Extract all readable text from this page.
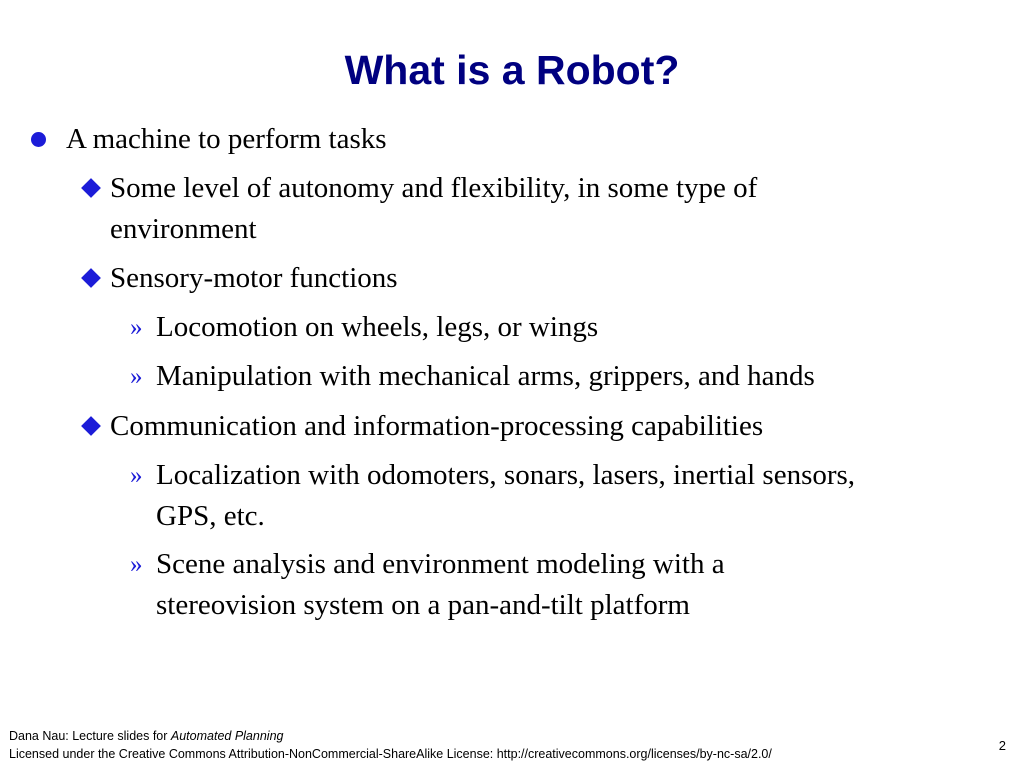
What is a Robot?
A machine to perform tasks
Some level of autonomy and flexibility, in some type of
environment
Sensory-motor functions
» Locomotion on wheels, legs, or wings
» Manipulation with mechanical arms, grippers, and hands
Communication and information-processing capabilities
» Localization with odomoters, sonars, lasers, inertial sensors,
GPS, etc.
» Scene analysis and environment modeling with a
stereovision system on a pan-and-tilt platform
Dana Nau: Lecture slides for Automated Planning
Licensed under the Creative Commons Attribution-NonCommercial-ShareAlike License: http://creativecommons.org/licenses/by-nc-sa/2.0/
2
